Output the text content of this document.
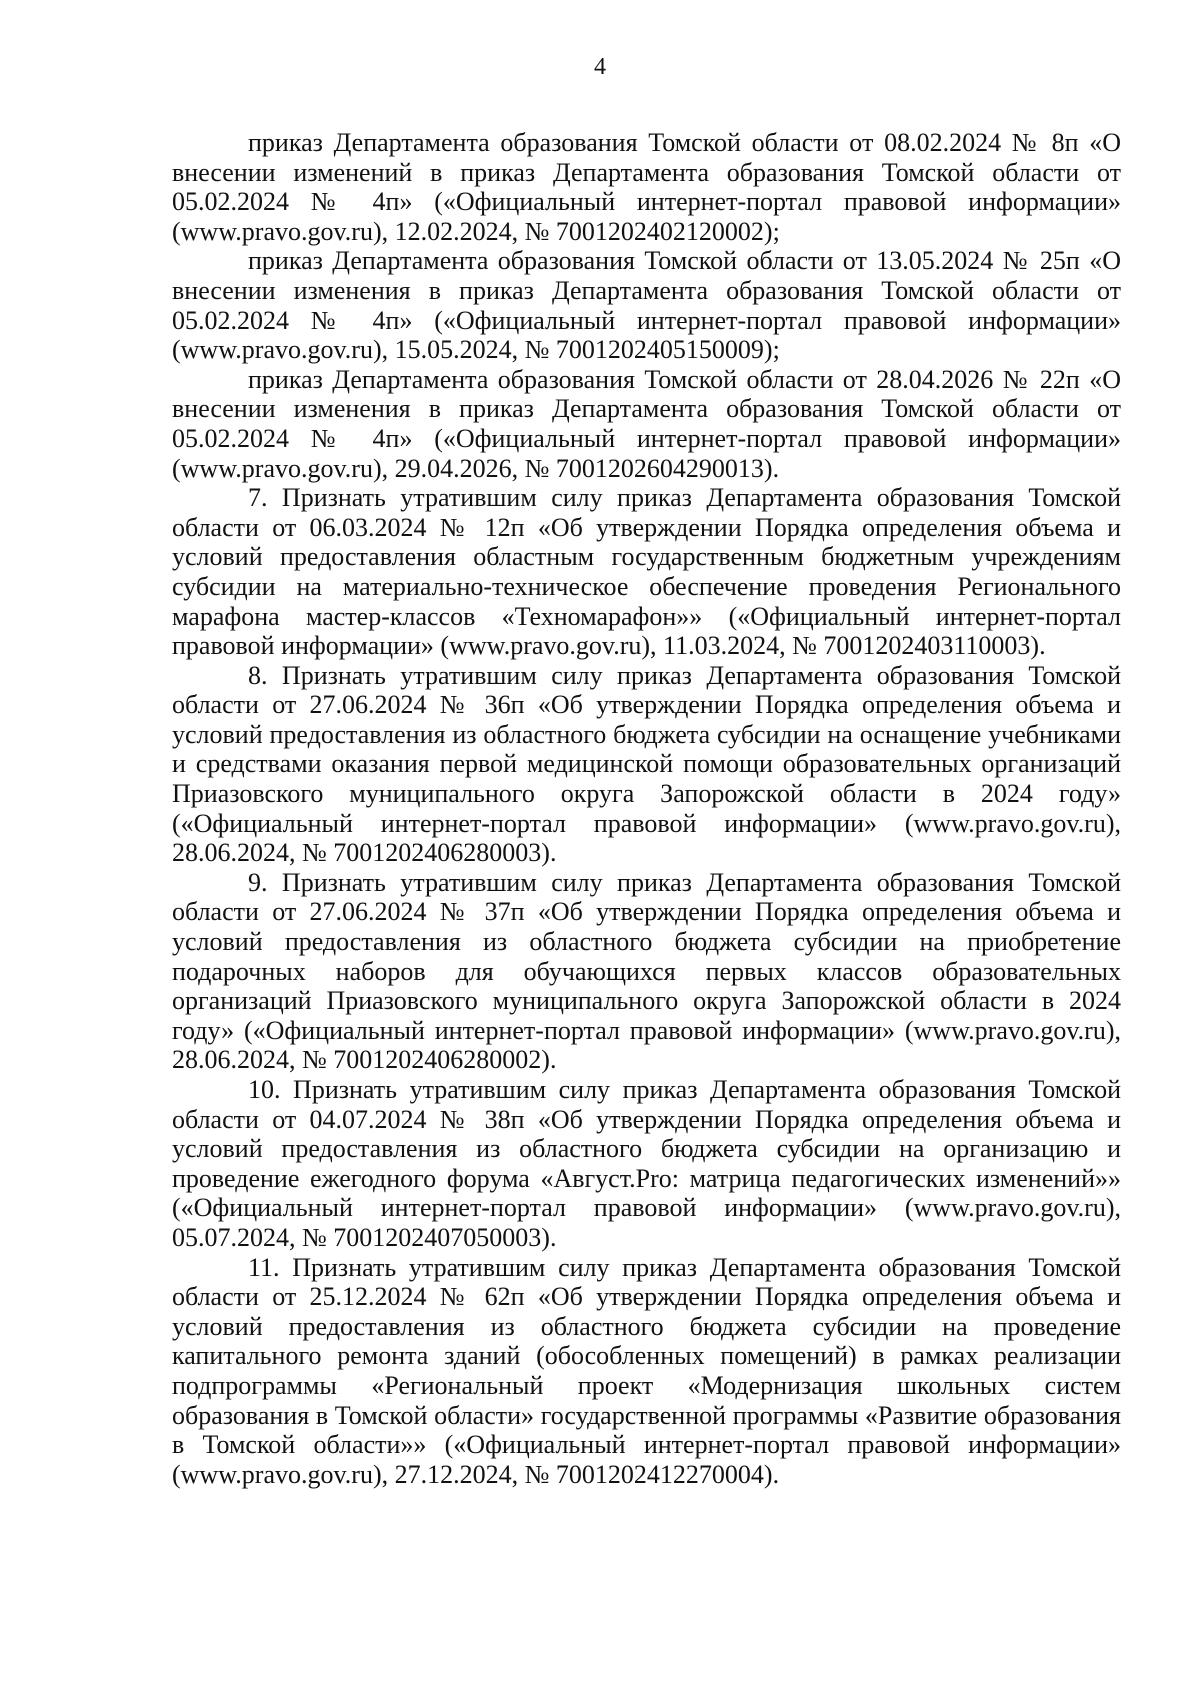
4

приказ Департамента образования Томской области от 08.02.2024 № 8п «О внесении изменений в приказ Департамента образования Томской области от 05.02.2024 № 4п» («Официальный интернет-портал правовой информации» (www.pravo.gov.ru), 12.02.2024, № 7001202402120002);

приказ Департамента образования Томской области от 13.05.2024 № 25п «О внесении изменения в приказ Департамента образования Томской области от 05.02.2024 № 4п» («Официальный интернет-портал правовой информации» (www.pravo.gov.ru), 15.05.2024, № 7001202405150009);

приказ Департамента образования Томской области от 28.04.2026 № 22п «О внесении изменения в приказ Департамента образования Томской области от 05.02.2024 № 4п» («Официальный интернет-портал правовой информации» (www.pravo.gov.ru), 29.04.2026, № 7001202604290013).

7. Признать утратившим силу приказ Департамента образования Томской области от 06.03.2024 № 12п «Об утверждении Порядка определения объема и условий предоставления областным государственным бюджетным учреждениям субсидии на материально-техническое обеспечение проведения Регионального марафона мастер-классов «Техномарафон»» («Официальный интернет-портал правовой информации» (www.pravo.gov.ru), 11.03.2024, № 7001202403110003).

8. Признать утратившим силу приказ Департамента образования Томской области от 27.06.2024 № 36п «Об утверждении Порядка определения объема и условий предоставления из областного бюджета субсидии на оснащение учебниками и средствами оказания первой медицинской помощи образовательных организаций Приазовского муниципального округа Запорожской области в 2024 году» («Официальный интернет-портал правовой информации» (www.pravo.gov.ru), 28.06.2024, № 7001202406280003).

9. Признать утратившим силу приказ Департамента образования Томской области от 27.06.2024 № 37п «Об утверждении Порядка определения объема и условий предоставления из областного бюджета субсидии на приобретение подарочных наборов для обучающихся первых классов образовательных организаций Приазовского муниципального округа Запорожской области в 2024 году» («Официальный интернет-портал правовой информации» (www.pravo.gov.ru), 28.06.2024, № 7001202406280002).

10. Признать утратившим силу приказ Департамента образования Томской области от 04.07.2024 № 38п «Об утверждении Порядка определения объема и условий предоставления из областного бюджета субсидии на организацию и проведение ежегодного форума «Август.Pro: матрица педагогических изменений»» («Официальный интернет-портал правовой информации» (www.pravo.gov.ru), 05.07.2024, № 7001202407050003).

11. Признать утратившим силу приказ Департамента образования Томской области от 25.12.2024 № 62п «Об утверждении Порядка определения объема и условий предоставления из областного бюджета субсидии на проведение капитального ремонта зданий (обособленных помещений) в рамках реализации подпрограммы «Региональный проект «Модернизация школьных систем образования в Томской области» государственной программы «Развитие образования в Томской области»» («Официальный интернет-портал правовой информации» (www.pravo.gov.ru), 27.12.2024, № 7001202412270004).
